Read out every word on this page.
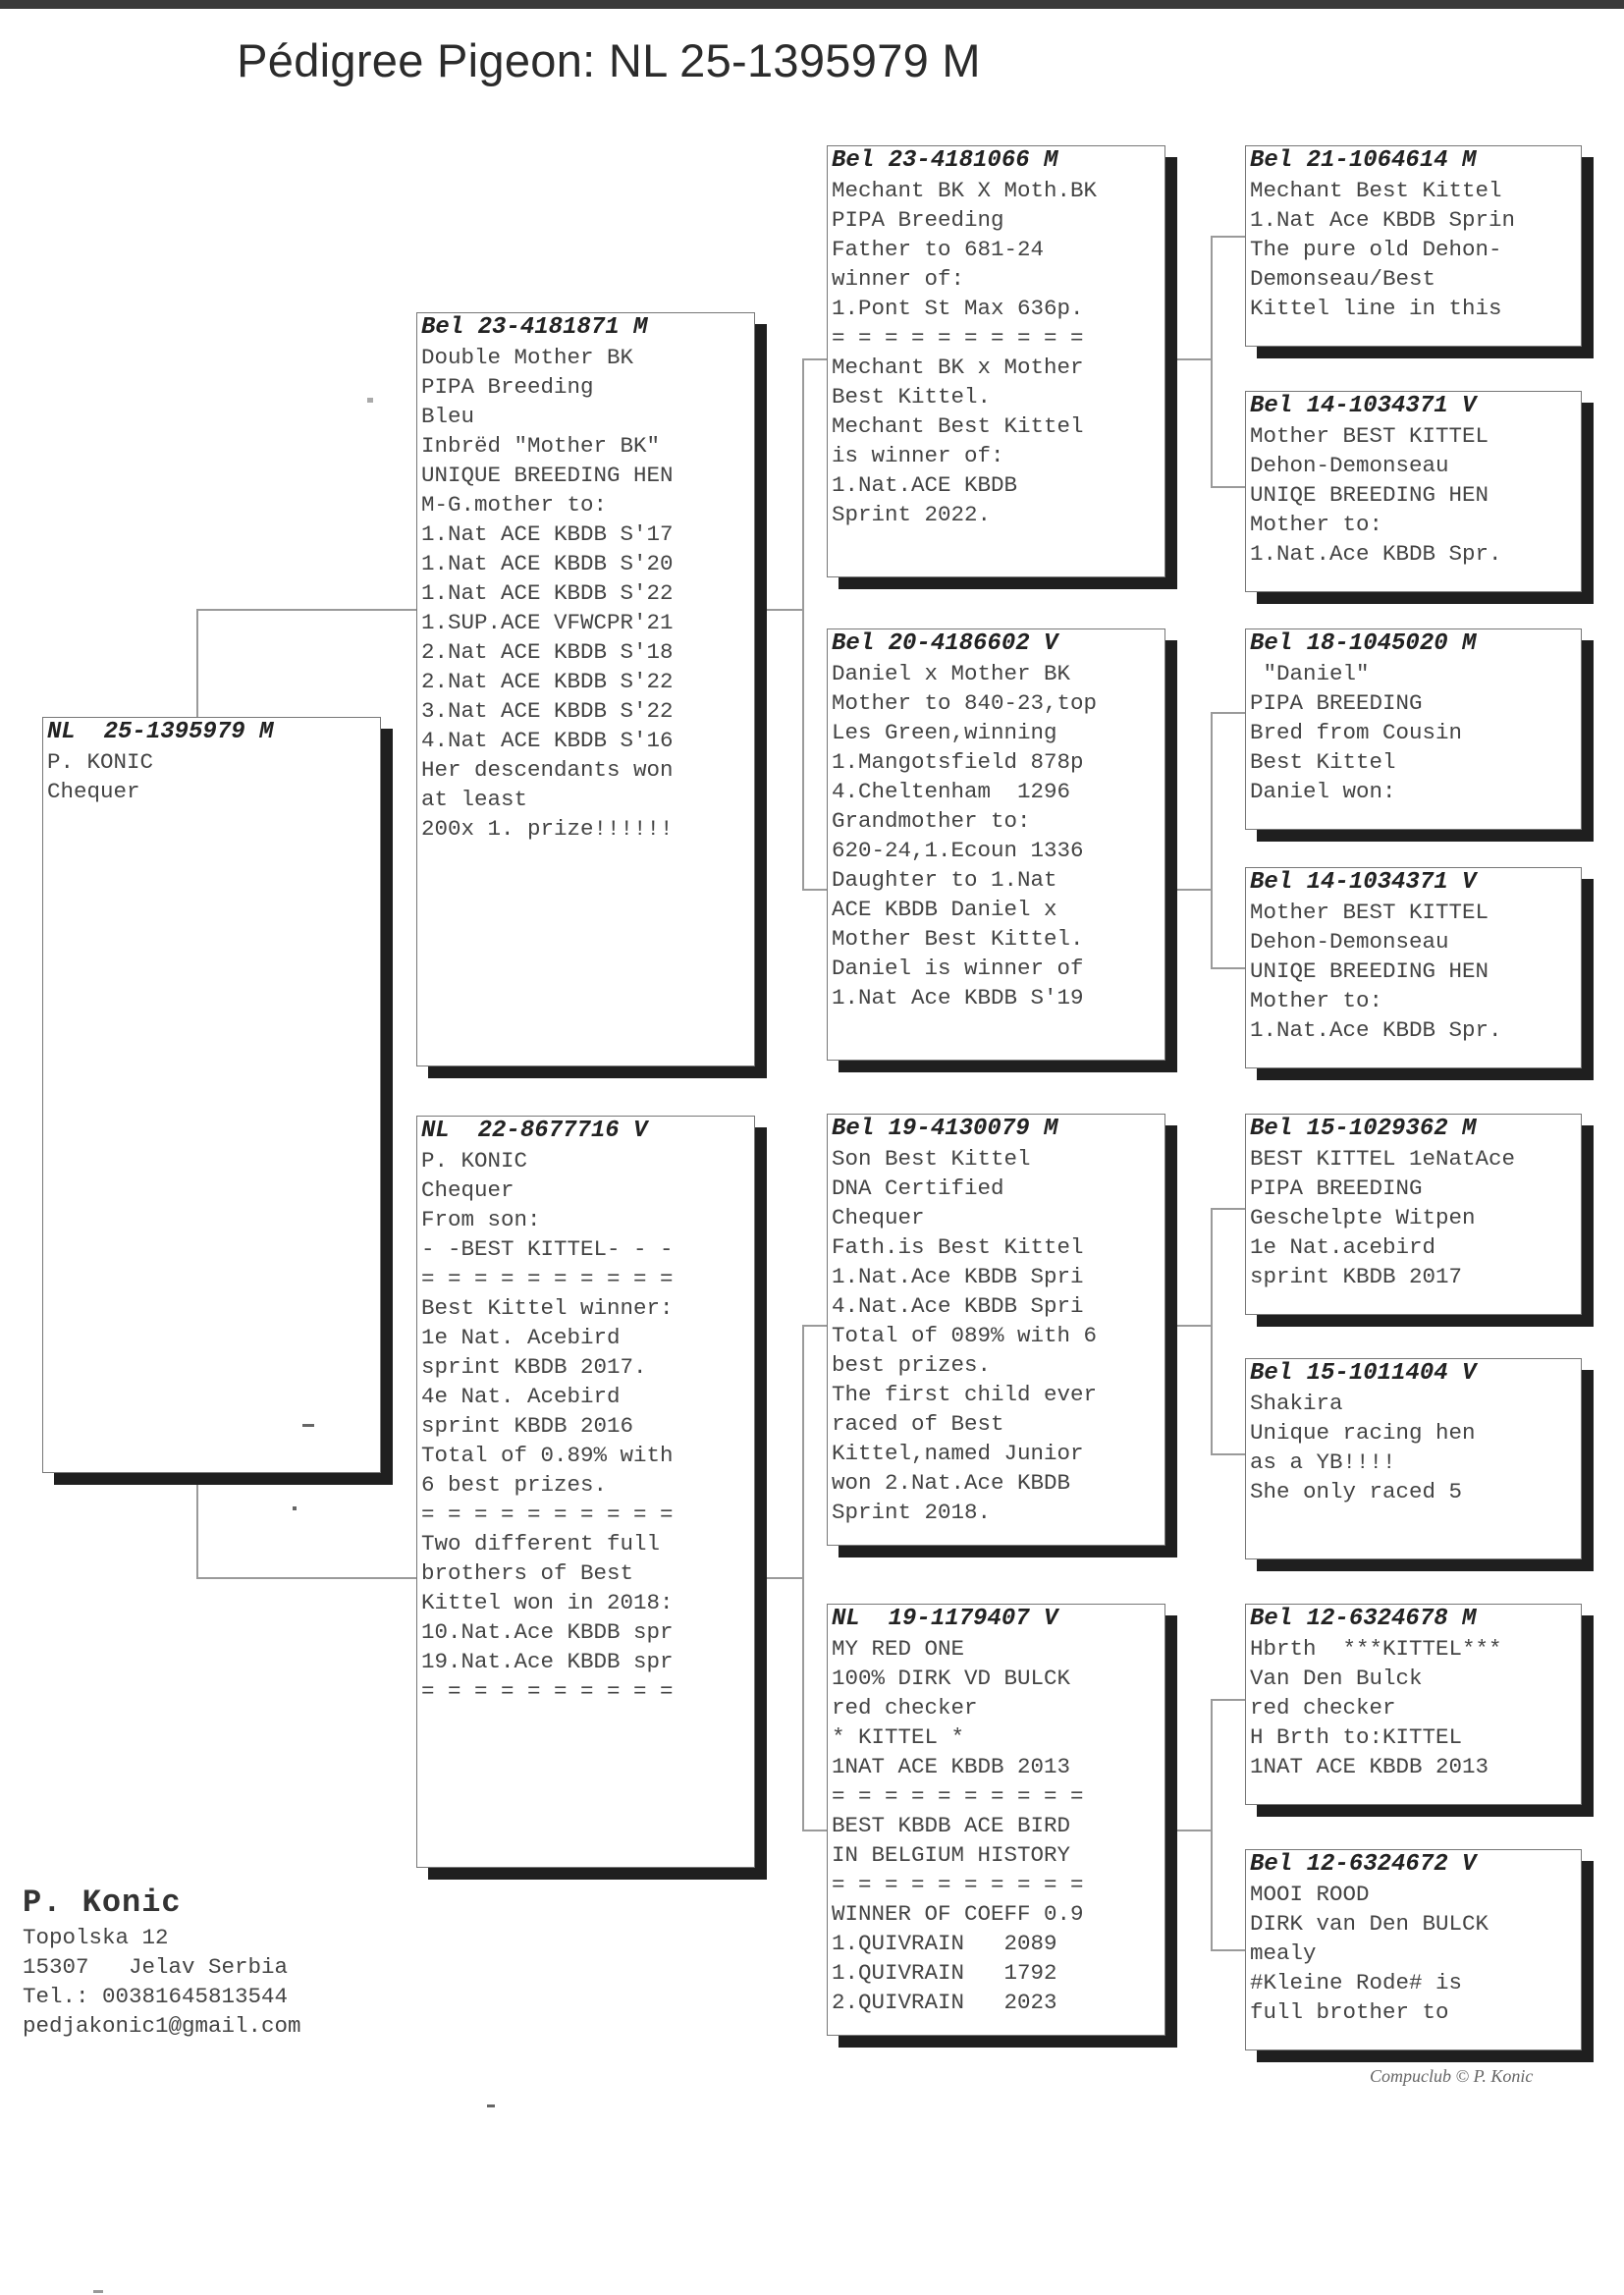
Pédigree Pigeon: NL 25-1395979 M
NL  25-1395979 M
P. KONIC
Chequer
Bel 23-4181871 M
Double Mother BK
PIPA Breeding
Bleu
Inbrëd "Mother BK"
UNIQUE BREEDING HEN
M-G.mother to:
1.Nat ACE KBDB S'17
1.Nat ACE KBDB S'20
1.Nat ACE KBDB S'22
1.SUP.ACE VFWCPR'21
2.Nat ACE KBDB S'18
2.Nat ACE KBDB S'22
3.Nat ACE KBDB S'22
4.Nat ACE KBDB S'16
Her descendants won
at least
200x 1. prize!!!!!!
NL  22-8677716 V
P. KONIC
Chequer
From son:
- -BEST KITTEL- - -
= = = = = = = = = =
Best Kittel winner:
1e Nat. Acebird
sprint KBDB 2017.
4e Nat. Acebird
sprint KBDB 2016
Total of 0.89% with
6 best prizes.
= = = = = = = = = =
Two different full
brothers of Best
Kittel won in 2018:
10.Nat.Ace KBDB spr
19.Nat.Ace KBDB spr
= = = = = = = = = =
Bel 23-4181066 M
Mechant BK X Moth.BK
PIPA Breeding
Father to 681-24
winner of:
1.Pont St Max 636p.
= = = = = = = = = =
Mechant BK x Mother
Best Kittel.
Mechant Best Kittel
is winner of:
1.Nat.ACE KBDB
Sprint 2022.
Bel 20-4186602 V
Daniel x Mother BK
Mother to 840-23,top
Les Green,winning
1.Mangotsfield 878p
4.Cheltenham  1296
Grandmother to:
620-24,1.Ecoun 1336
Daughter to 1.Nat
ACE KBDB Daniel x
Mother Best Kittel.
Daniel is winner of
1.Nat Ace KBDB S'19
Bel 19-4130079 M
Son Best Kittel
DNA Certified
Chequer
Fath.is Best Kittel
1.Nat.Ace KBDB Spri
4.Nat.Ace KBDB Spri
Total of 089% with 6
best prizes.
The first child ever
raced of Best
Kittel,named Junior
won 2.Nat.Ace KBDB
Sprint 2018.
NL  19-1179407 V
MY RED ONE
100% DIRK VD BULCK
red checker
* KITTEL *
1NAT ACE KBDB 2013
= = = = = = = = = =
BEST KBDB ACE BIRD
IN BELGIUM HISTORY
= = = = = = = = = =
WINNER OF COEFF 0.9
1.QUIVRAIN   2089
1.QUIVRAIN   1792
2.QUIVRAIN   2023
Bel 21-1064614 M
Mechant Best Kittel
1.Nat Ace KBDB Sprin
The pure old Dehon-
Demonseau/Best
Kittel line in this
Bel 14-1034371 V
Mother BEST KITTEL
Dehon-Demonseau
UNIQE BREEDING HEN
Mother to:
1.Nat.Ace KBDB Spr.
Bel 18-1045020 M
"Daniel"
PIPA BREEDING
Bred from Cousin
Best Kittel
Daniel won:
Bel 14-1034371 V
Mother BEST KITTEL
Dehon-Demonseau
UNIQE BREEDING HEN
Mother to:
1.Nat.Ace KBDB Spr.
Bel 15-1029362 M
BEST KITTEL 1eNatAce
PIPA BREEDING
Geschelpte Witpen
1e Nat.acebird
sprint KBDB 2017
Bel 15-1011404 V
Shakira
Unique racing hen
as a YB!!!!
She only raced 5
Bel 12-6324678 M
Hbrth  ***KITTEL***
Van Den Bulck
red checker
H Brth to:KITTEL
1NAT ACE KBDB 2013
Bel 12-6324672 V
MOOI ROOD
DIRK van Den BULCK
mealy
#Kleine Rode# is
full brother to
P. Konic
Topolska 12
15307   Jelav Serbia
Tel.: 00381645813544
pedjakonic1@gmail.com
Compuclub © P. Konic
